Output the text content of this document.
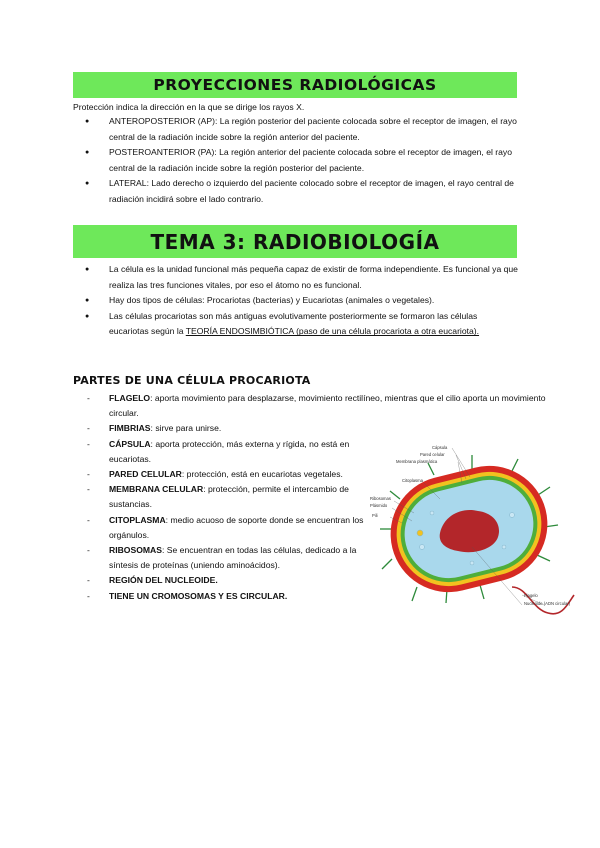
PROYECCIONES RADIOLÓGICAS
Protección indica la dirección en la que se dirige los rayos X.
● ANTEROPOSTERIOR (AP): La región posterior del paciente colocada sobre el receptor de imagen, el rayo central de la radiación incide sobre la región anterior del paciente.
● POSTEROANTERIOR (PA): La región anterior del paciente colocada sobre el receptor de imagen, el rayo central de la radiación incide sobre la región posterior del paciente.
● LATERAL: Lado derecho o izquierdo del paciente colocado sobre el receptor de imagen, el rayo central de radiación incidirá sobre el lado contrario.
TEMA 3: RADIOBIOLOGÍA
● La célula es la unidad funcional más pequeña capaz de existir de forma independiente. Es funcional ya que realiza las tres funciones vitales, por eso el átomo no es funcional.
● Hay dos tipos de células: Procariotas (bacterias) y Eucariotas (animales o vegetales).
● Las células procariotas son más antiguas evolutivamente posteriormente se formaron las células eucariotas según la TEORÍA ENDOSIMBIÓTICA (paso de una célula procariota a otra eucariota).
PARTES DE UNA CÉLULA PROCARIOTA
- FLAGELO: aporta movimiento para desplazarse, movimiento rectilíneo, mientras que el cilio aporta un movimiento circular.
- FIMBRIAS: sirve para unirse.
- CÁPSULA: aporta protección, más externa y rígida, no está en eucariotas.
- PARED CELULAR: protección, está en eucariotas vegetales.
- MEMBRANA CELULAR: protección, permite el intercambio de sustancias.
- CITOPLASMA: medio acuoso de soporte donde se encuentran los orgánulos.
- RIBOSOMAS: Se encuentran en todas las células, dedicado a la síntesis de proteínas (uniendo aminoácidos).
- REGIÓN DEL NUCLEOIDE.
- TIENE UN CROMOSOMAS Y ES CIRCULAR.
Cápsula
Pared celular
Membrana plasmática
Citoplasma
Ribosomas
Plásmido
Pili
Flagelo
Nucleoide (ADN circular)
